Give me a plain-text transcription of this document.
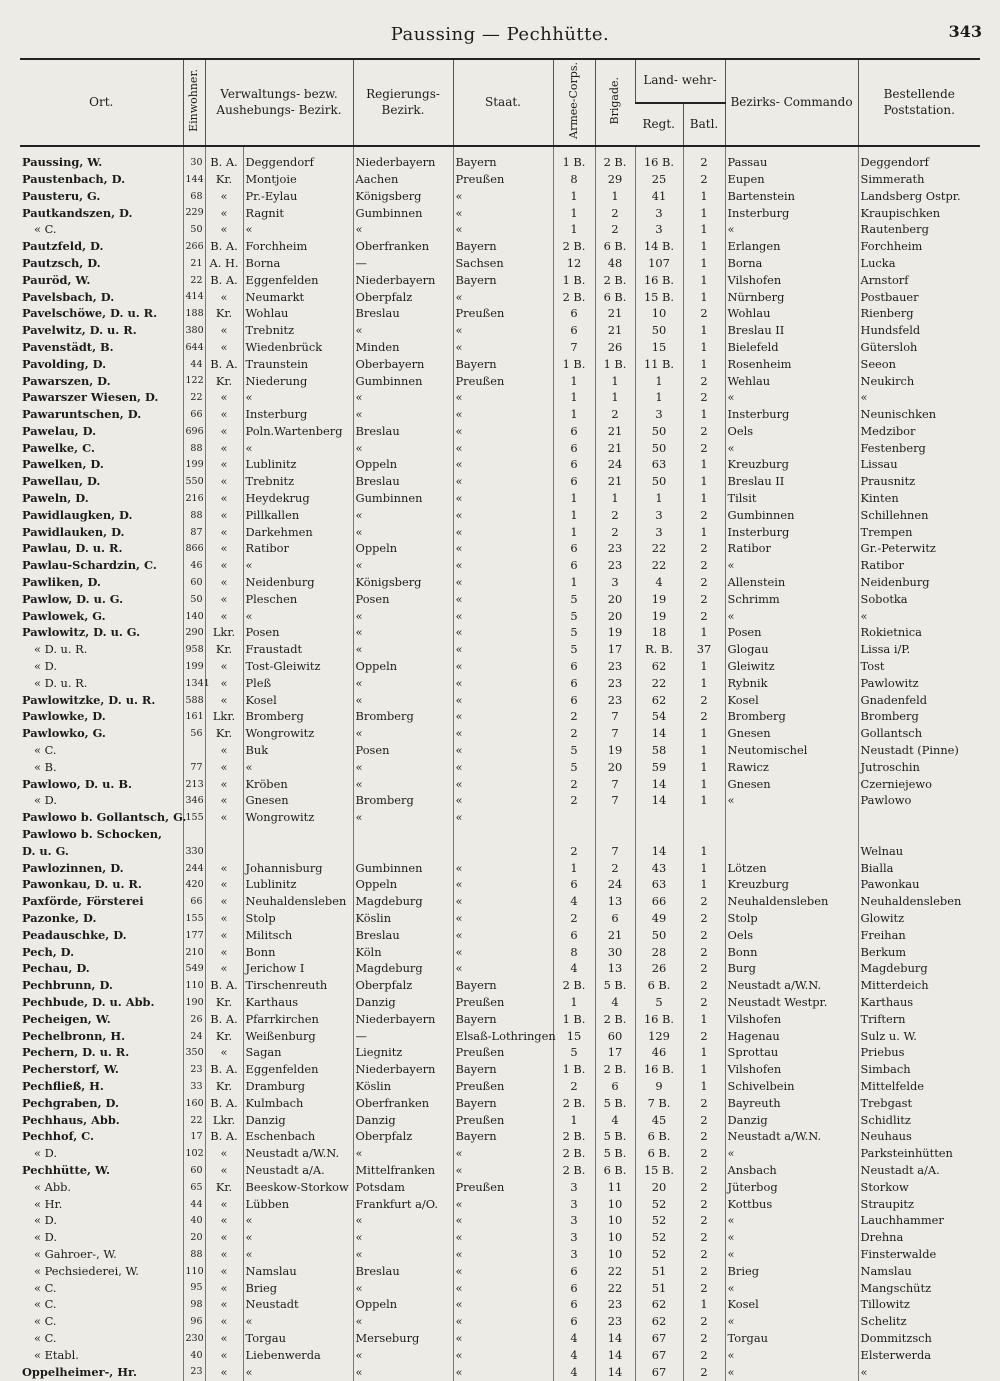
Paussing — Pechhütte.	343
Ort.	Einwohner.	Verwaltungs- bezw. Aushebungs- Bezirk.		Regierungs- Bezirk.	Staat.	Armee-Corps.	Brigade.	Land- wehr-		Bezirks- Commando	Bestellende Poststation.
								Regt.	Batl.		
Paussing, W.	30	B. A.	Deggendorf	Niederbayern	Bayern	1 B.	2 B.	16 B.	2	Passau	Deggendorf
Paustenbach, D.	144	Kr.	Montjoie	Aachen	Preußen	8	29	25	2	Eupen	Simmerath
Pausteru, G.	68	«	Pr.-Eylau	Königsberg	«	1	1	41	1	Bartenstein	Landsberg Ostpr.
Pautkandszen, D.	229	«	Ragnit	Gumbinnen	«	1	2	3	1	Insterburg	Kraupischken
« C.	50	«	«	«	«	1	2	3	1	«	Rautenberg
Pautzfeld, D.	266	B. A.	Forchheim	Oberfranken	Bayern	2 B.	6 B.	14 B.	1	Erlangen	Forchheim
Pautzsch, D.	21	A. H.	Borna	—	Sachsen	12	48	107	1	Borna	Lucka
Pauröd, W.	22	B. A.	Eggenfelden	Niederbayern	Bayern	1 B.	2 B.	16 B.	1	Vilshofen	Arnstorf
Pavelsbach, D.	414	«	Neumarkt	Oberpfalz	«	2 B.	6 B.	15 B.	1	Nürnberg	Postbauer
Pavelschöwe, D. u. R.	188	Kr.	Wohlau	Breslau	Preußen	6	21	10	2	Wohlau	Rienberg
Pavelwitz, D. u. R.	380	«	Trebnitz	«	«	6	21	50	1	Breslau II	Hundsfeld
Pavenstädt, B.	644	«	Wiedenbrück	Minden	«	7	26	15	1	Bielefeld	Gütersloh
Pavolding, D.	44	B. A.	Traunstein	Oberbayern	Bayern	1 B.	1 B.	11 B.	1	Rosenheim	Seeon
Pawarszen, D.	122	Kr.	Niederung	Gumbinnen	Preußen	1	1	1	2	Wehlau	Neukirch
Pawarszer Wiesen, D.	22	«	«	«	«	1	1	1	2	«	«
Pawaruntschen, D.	66	«	Insterburg	«	«	1	2	3	1	Insterburg	Neunischken
Pawelau, D.	696	«	Poln.Wartenberg	Breslau	«	6	21	50	2	Oels	Medzibor
Pawelke, C.	88	«	«	«	«	6	21	50	2	«	Festenberg
Pawelken, D.	199	«	Lublinitz	Oppeln	«	6	24	63	1	Kreuzburg	Lissau
Pawellau, D.	550	«	Trebnitz	Breslau	«	6	21	50	1	Breslau II	Prausnitz
Paweln, D.	216	«	Heydekrug	Gumbinnen	«	1	1	1	1	Tilsit	Kinten
Pawidlaugken, D.	88	«	Pillkallen	«	«	1	2	3	2	Gumbinnen	Schillehnen
Pawidlauken, D.	87	«	Darkehmen	«	«	1	2	3	1	Insterburg	Trempen
Pawlau, D. u. R.	866	«	Ratibor	Oppeln	«	6	23	22	2	Ratibor	Gr.-Peterwitz
Pawlau-Schardzin, C.	46	«	«	«	«	6	23	22	2	«	Ratibor
Pawliken, D.	60	«	Neidenburg	Königsberg	«	1	3	4	2	Allenstein	Neidenburg
Pawlow, D. u. G.	50	«	Pleschen	Posen	«	5	20	19	2	Schrimm	Sobotka
Pawlowek, G.	140	«	«	«	«	5	20	19	2	«	«
Pawlowitz, D. u. G.	290	Lkr.	Posen	«	«	5	19	18	1	Posen	Rokietnica
« D. u. R.	958	Kr.	Fraustadt	«	«	5	17	R. B.	37	Glogau	Lissa i/P.
« D.	199	«	Tost-Gleiwitz	Oppeln	«	6	23	62	1	Gleiwitz	Tost
« D. u. R.	1341	«	Pleß	«	«	6	23	22	1	Rybnik	Pawlowitz
Pawlowitzke, D. u. R.	588	«	Kosel	«	«	6	23	62	2	Kosel	Gnadenfeld
Pawlowke, D.	161	Lkr.	Bromberg	Bromberg	«	2	7	54	2	Bromberg	Bromberg
Pawlowko, G.	56	Kr.	Wongrowitz	«	«	2	7	14	1	Gnesen	Gollantsch
« C.		«	Buk	Posen	«	5	19	58	1	Neutomischel	Neustadt (Pinne)
« B.	77	«	«	«	«	5	20	59	1	Rawicz	Jutroschin
Pawlowo, D. u. B.	213	«	Kröben	«	«	2	7	14	1	Gnesen	Czerniejewo
« D.	346	«	Gnesen	Bromberg	«	2	7	14	1	«	Pawlowo
Pawlowo b. Gollantsch, G.	155	«	Wongrowitz	«	«						
Pawlowo b. Schocken,											
D. u. G.	330					2	7	14	1		Welnau
Pawlozinnen, D.	244	«	Johannisburg	Gumbinnen	«	1	2	43	1	Lötzen	Bialla
Pawonkau, D. u. R.	420	«	Lublinitz	Oppeln	«	6	24	63	1	Kreuzburg	Pawonkau
Paxförde, Försterei	66	«	Neuhaldensleben	Magdeburg	«	4	13	66	2	Neuhaldensleben	Neuhaldensleben
Pazonke, D.	155	«	Stolp	Köslin	«	2	6	49	2	Stolp	Glowitz
Peadauschke, D.	177	«	Militsch	Breslau	«	6	21	50	2	Oels	Freihan
Pech, D.	210	«	Bonn	Köln	«	8	30	28	2	Bonn	Berkum
Pechau, D.	549	«	Jerichow I	Magdeburg	«	4	13	26	2	Burg	Magdeburg
Pechbrunn, D.	110	B. A.	Tirschenreuth	Oberpfalz	Bayern	2 B.	5 B.	6 B.	2	Neustadt a/W.N.	Mitterdeich
Pechbude, D. u. Abb.	190	Kr.	Karthaus	Danzig	Preußen	1	4	5	2	Neustadt Westpr.	Karthaus
Pecheigen, W.	26	B. A.	Pfarrkirchen	Niederbayern	Bayern	1 B.	2 B.	16 B.	1	Vilshofen	Triftern
Pechelbronn, H.	24	Kr.	Weißenburg	—	Elsaß-Lothringen	15	60	129	2	Hagenau	Sulz u. W.
Pechern, D. u. R.	350	«	Sagan	Liegnitz	Preußen	5	17	46	1	Sprottau	Priebus
Pecherstorf, W.	23	B. A.	Eggenfelden	Niederbayern	Bayern	1 B.	2 B.	16 B.	1	Vilshofen	Simbach
Pechfließ, H.	33	Kr.	Dramburg	Köslin	Preußen	2	6	9	1	Schivelbein	Mittelfelde
Pechgraben, D.	160	B. A.	Kulmbach	Oberfranken	Bayern	2 B.	5 B.	7 B.	2	Bayreuth	Trebgast
Pechhaus, Abb.	22	Lkr.	Danzig	Danzig	Preußen	1	4	45	2	Danzig	Schidlitz
Pechhof, C.	17	B. A.	Eschenbach	Oberpfalz	Bayern	2 B.	5 B.	6 B.	2	Neustadt a/W.N.	Neuhaus
« D.	102	«	Neustadt a/W.N.	«	«	2 B.	5 B.	6 B.	2	«	Parksteinhütten
Pechhütte, W.	60	«	Neustadt a/A.	Mittelfranken	«	2 B.	6 B.	15 B.	2	Ansbach	Neustadt a/A.
« Abb.	65	Kr.	Beeskow-Storkow	Potsdam	Preußen	3	11	20	2	Jüterbog	Storkow
« Hr.	44	«	Lübben	Frankfurt a/O.	«	3	10	52	2	Kottbus	Straupitz
« D.	40	«	«	«	«	3	10	52	2	«	Lauchhammer
« D.	20	«	«	«	«	3	10	52	2	«	Drehna
« Gahroer-, W.	88	«	«	«	«	3	10	52	2	«	Finsterwalde
« Pechsiederei, W.	110	«	Namslau	Breslau	«	6	22	51	2	Brieg	Namslau
« C.	95	«	Brieg	«	«	6	22	51	2	«	Mangschütz
« C.	98	«	Neustadt	Oppeln	«	6	23	62	1	Kosel	Tillowitz
« C.	96	«	«	«	«	6	23	62	2	«	Schelitz
« C.	230	«	Torgau	Merseburg	«	4	14	67	2	Torgau	Dommitzsch
« Etabl.	40	«	Liebenwerda	«	«	4	14	67	2	«	Elsterwerda
Oppelheimer-, Hr.	23	«	«	«	«	4	14	67	2	«	«
